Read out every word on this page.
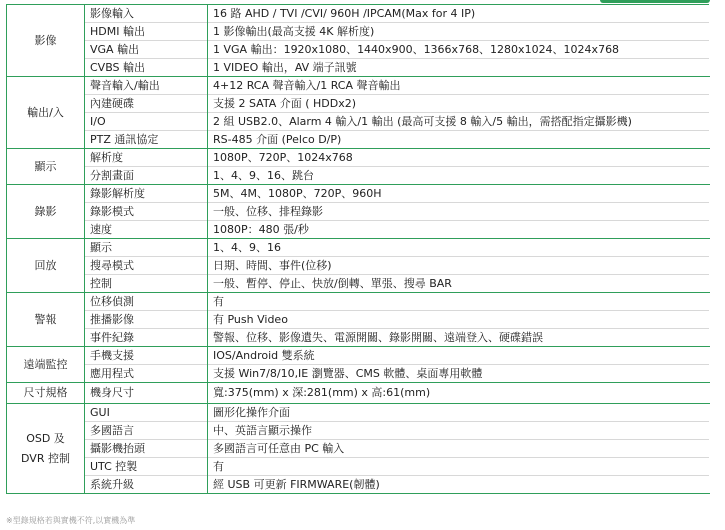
影像	影像輸入	16 路 AHD / TVI /CVI/ 960H /IPCAM(Max for 4 IP)
	HDMI 輸出	1 影像輸出(最高支援 4K 解析度)
	VGA 輸出	1 VGA 輸出：1920x1080、1440x900、1366x768、1280x1024、1024x768
	CVBS 輸出	1 VIDEO 輸出，AV 端子訊號
輸出/入	聲音輸入/輸出	4+12 RCA 聲音輸入/1 RCA 聲音輸出
	內建硬碟	支援 2 SATA 介面 ( HDDx2)
	I/O	2 組 USB2.0、Alarm 4 輸入/1 輸出 (最高可支援 8 輸入/5 輸出，需搭配指定攝影機)
	PTZ 通訊協定	RS-485 介面 (Pelco D/P)
顯示	解析度	1080P、720P、1024x768
	分割畫面	1、4、9、16、跳台
錄影	錄影解析度	5M、4M、1080P、720P、960H
	錄影模式	一般、位移、排程錄影
	速度	1080P：480 張/秒
回放	顯示	1、4、9、16
	搜尋模式	日期、時間、事件(位移)
	控制	一般、暫停、停止、快放/倒轉、單張、搜尋 BAR
警報	位移偵測	有
	推播影像	有 Push Video
	事件紀錄	警報、位移、影像遺失、電源開關、錄影開關、遠端登入、硬碟錯誤
遠端監控	手機支援	IOS/Android 雙系統
	應用程式	支援 Win7/8/10,IE 瀏覽器、CMS 軟體、桌面專用軟體
尺寸規格	機身尺寸	寬:375(mm) x 深:281(mm) x 高:61(mm)
OSD 及
DVR 控制	GUI	圖形化操作介面
	多國語言	中、英語言顯示操作
	攝影機抬頭	多國語言可任意由 PC 輸入
	UTC 控製	有
	系統升級	經 USB 可更新 FIRMWARE(韌體)
※型錄規格若與實機不符,以實機為準
